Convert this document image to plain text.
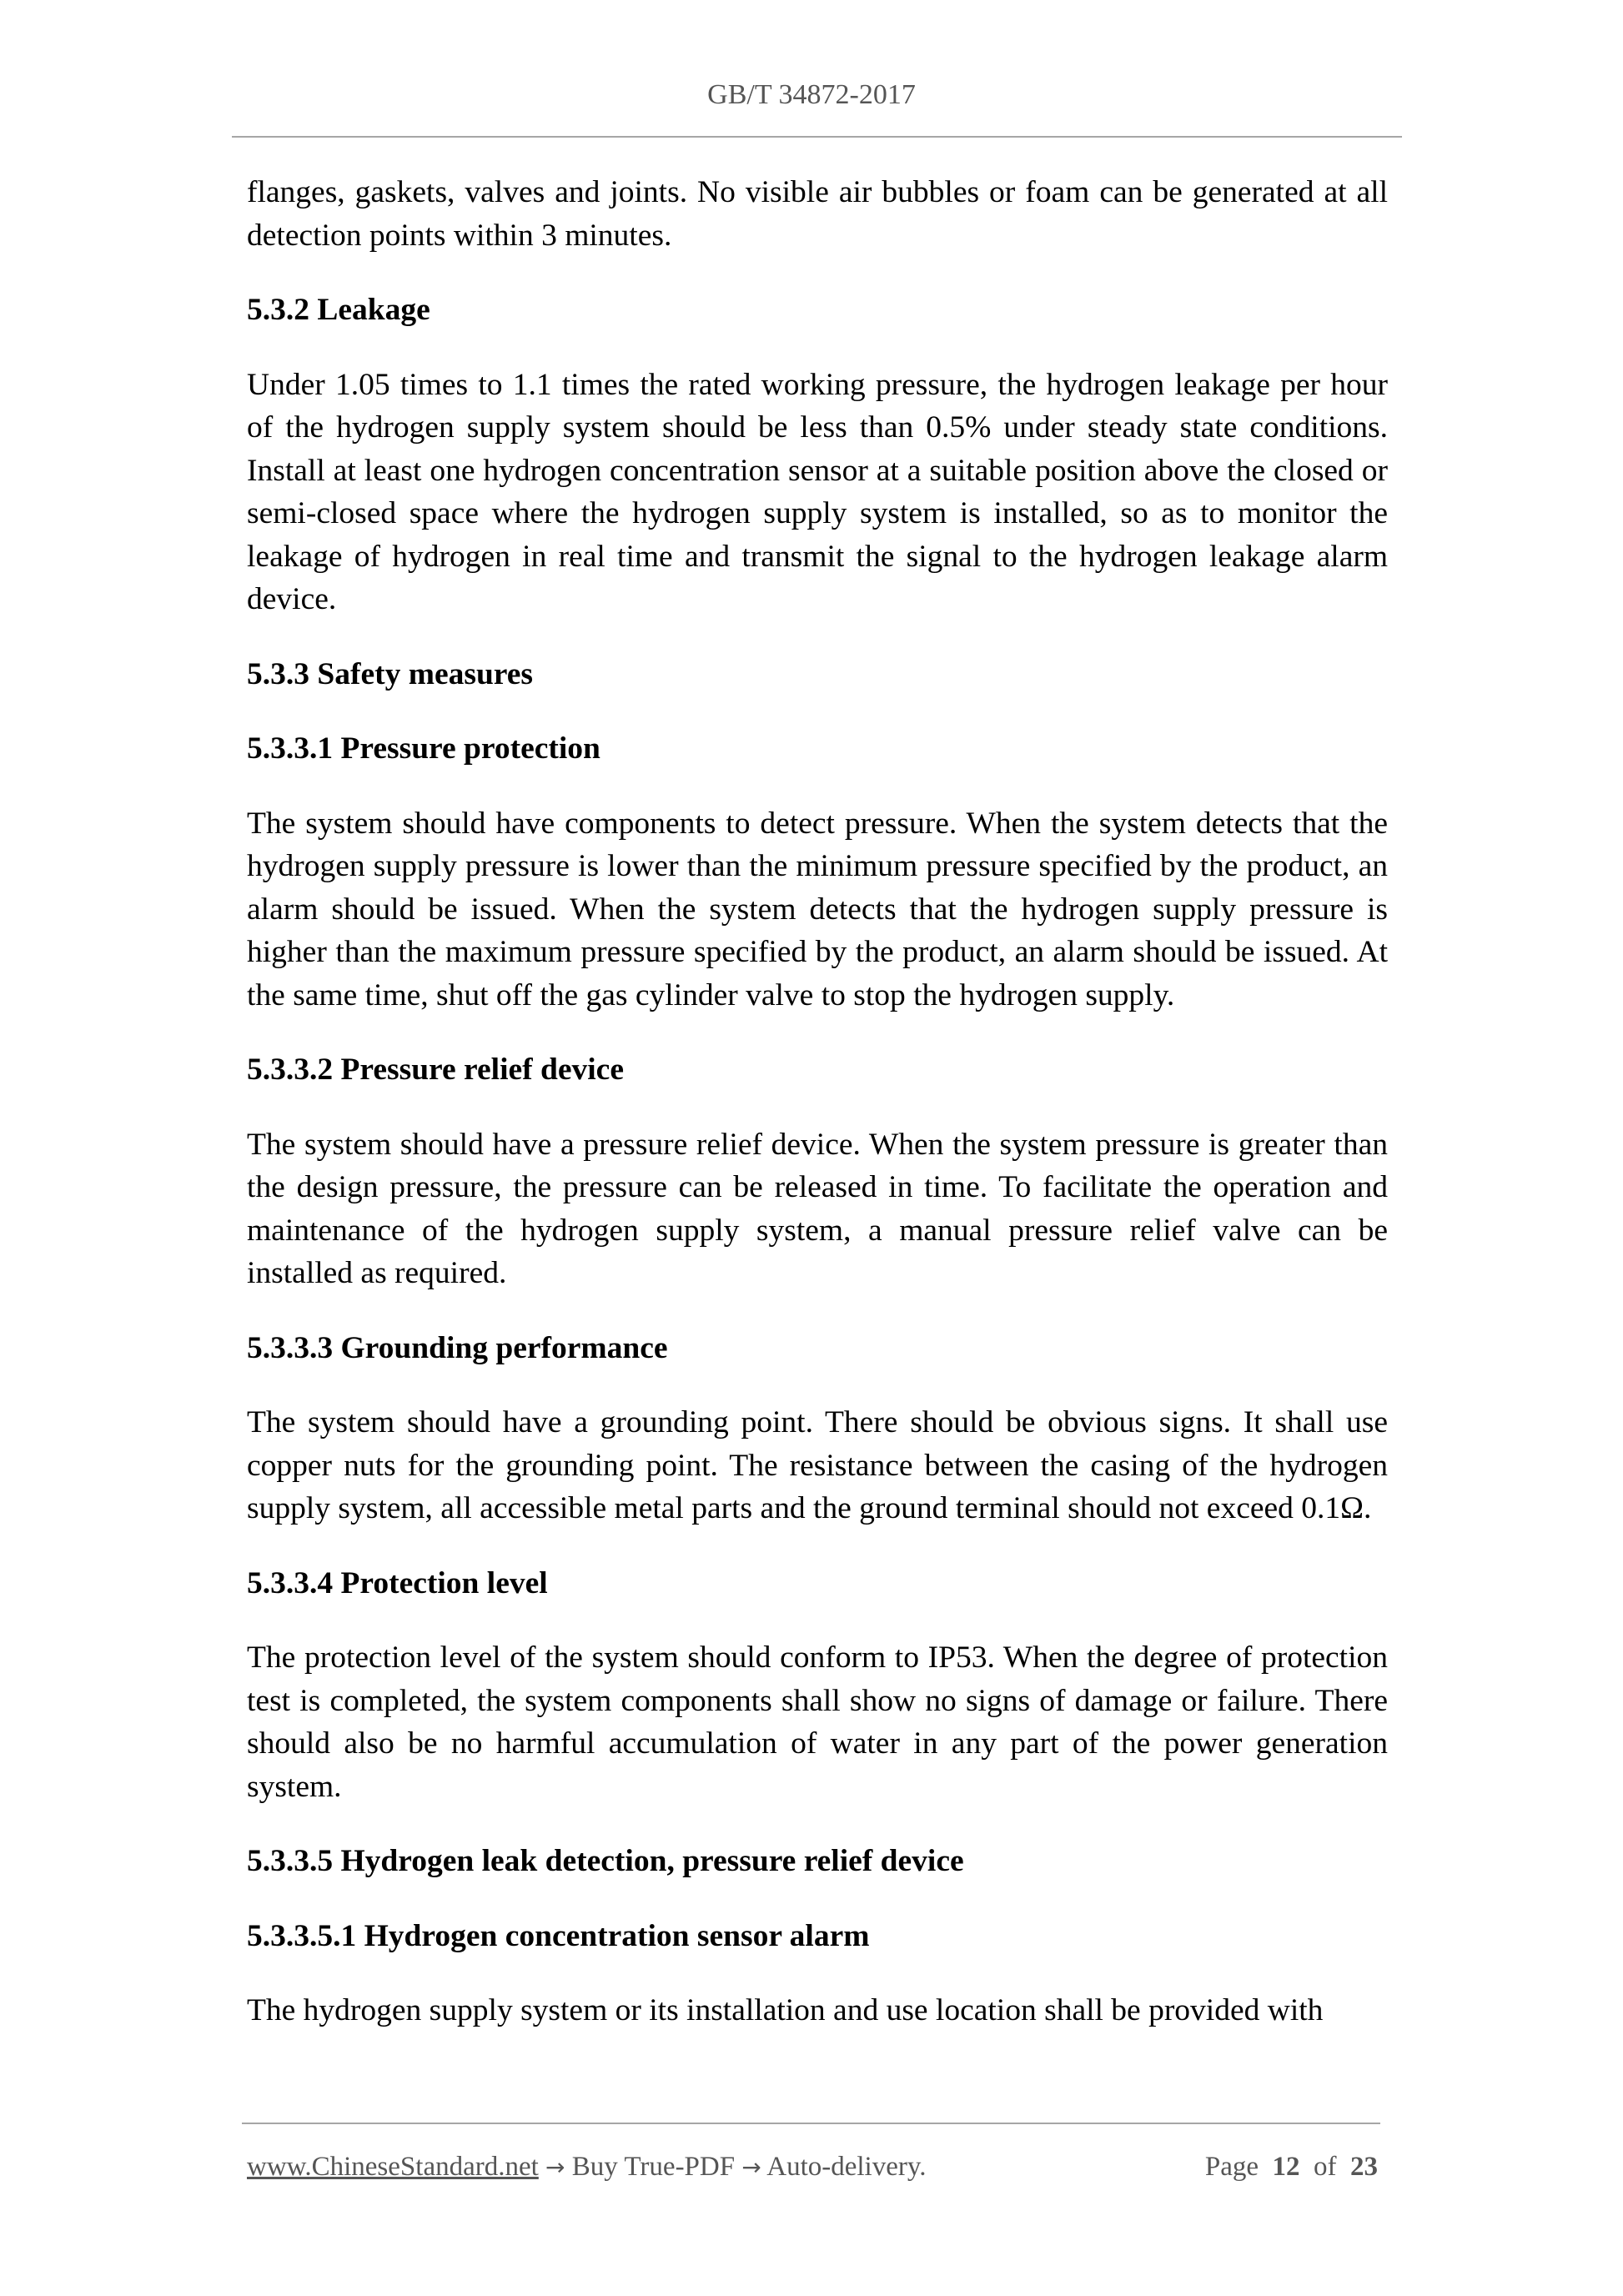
GB/T 34872-2017

flanges, gaskets, valves and joints. No visible air bubbles or foam can be generated at all detection points within 3 minutes.

5.3.2 Leakage

Under 1.05 times to 1.1 times the rated working pressure, the hydrogen leakage per hour of the hydrogen supply system should be less than 0.5% under steady state conditions. Install at least one hydrogen concentration sensor at a suitable position above the closed or semi-closed space where the hydrogen supply system is installed, so as to monitor the leakage of hydrogen in real time and transmit the signal to the hydrogen leakage alarm device.

5.3.3 Safety measures
5.3.3.1 Pressure protection

The system should have components to detect pressure. When the system detects that the hydrogen supply pressure is lower than the minimum pressure specified by the product, an alarm should be issued. When the system detects that the hydrogen supply pressure is higher than the maximum pressure specified by the product, an alarm should be issued. At the same time, shut off the gas cylinder valve to stop the hydrogen supply.

5.3.3.2 Pressure relief device

The system should have a pressure relief device. When the system pressure is greater than the design pressure, the pressure can be released in time. To facilitate the operation and maintenance of the hydrogen supply system, a manual pressure relief valve can be installed as required.

5.3.3.3 Grounding performance

The system should have a grounding point. There should be obvious signs. It shall use copper nuts for the grounding point. The resistance between the casing of the hydrogen supply system, all accessible metal parts and the ground terminal should not exceed 0.1Ω.

5.3.3.4 Protection level

The protection level of the system should conform to IP53. When the degree of protection test is completed, the system components shall show no signs of damage or failure. There should also be no harmful accumulation of water in any part of the power generation system.

5.3.3.5 Hydrogen leak detection, pressure relief device
5.3.3.5.1 Hydrogen concentration sensor alarm

The hydrogen supply system or its installation and use location shall be provided with

www.ChineseStandard.net → Buy True-PDF → Auto-delivery.	Page 12 of 23
